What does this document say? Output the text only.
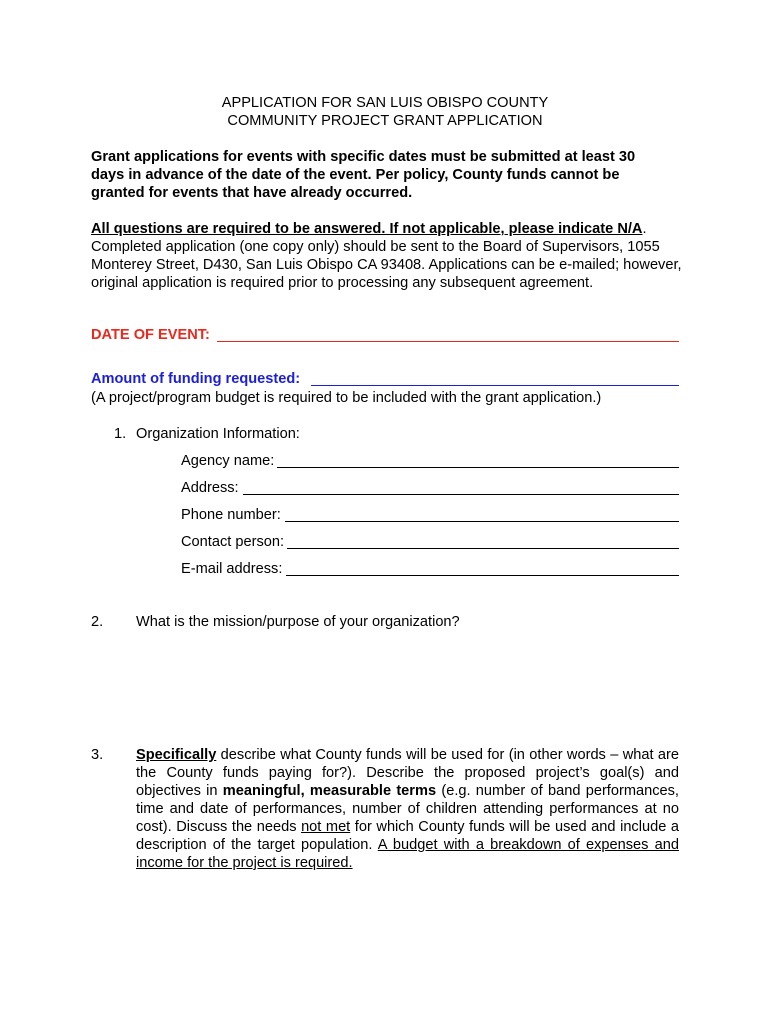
APPLICATION FOR SAN LUIS OBISPO COUNTY
COMMUNITY PROJECT GRANT APPLICATION
Grant applications for events with specific dates must be submitted at least 30 days in advance of the date of the event. Per policy, County funds cannot be granted for events that have already occurred.
All questions are required to be answered. If not applicable, please indicate N/A. Completed application (one copy only) should be sent to the Board of Supervisors, 1055 Monterey Street, D430, San Luis Obispo CA 93408. Applications can be e-mailed; however, original application is required prior to processing any subsequent agreement.
DATE OF EVENT:
Amount of funding requested:
(A project/program budget is required to be included with the grant application.)
1. Organization Information:
Agency name:
Address:
Phone number:
Contact person:
E-mail address:
2. What is the mission/purpose of your organization?
3. Specifically describe what County funds will be used for (in other words – what are the County funds paying for?). Describe the proposed project’s goal(s) and objectives in meaningful, measurable terms (e.g. number of band performances, time and date of performances, number of children attending performances at no cost). Discuss the needs not met for which County funds will be used and include a description of the target population. A budget with a breakdown of expenses and income for the project is required.
